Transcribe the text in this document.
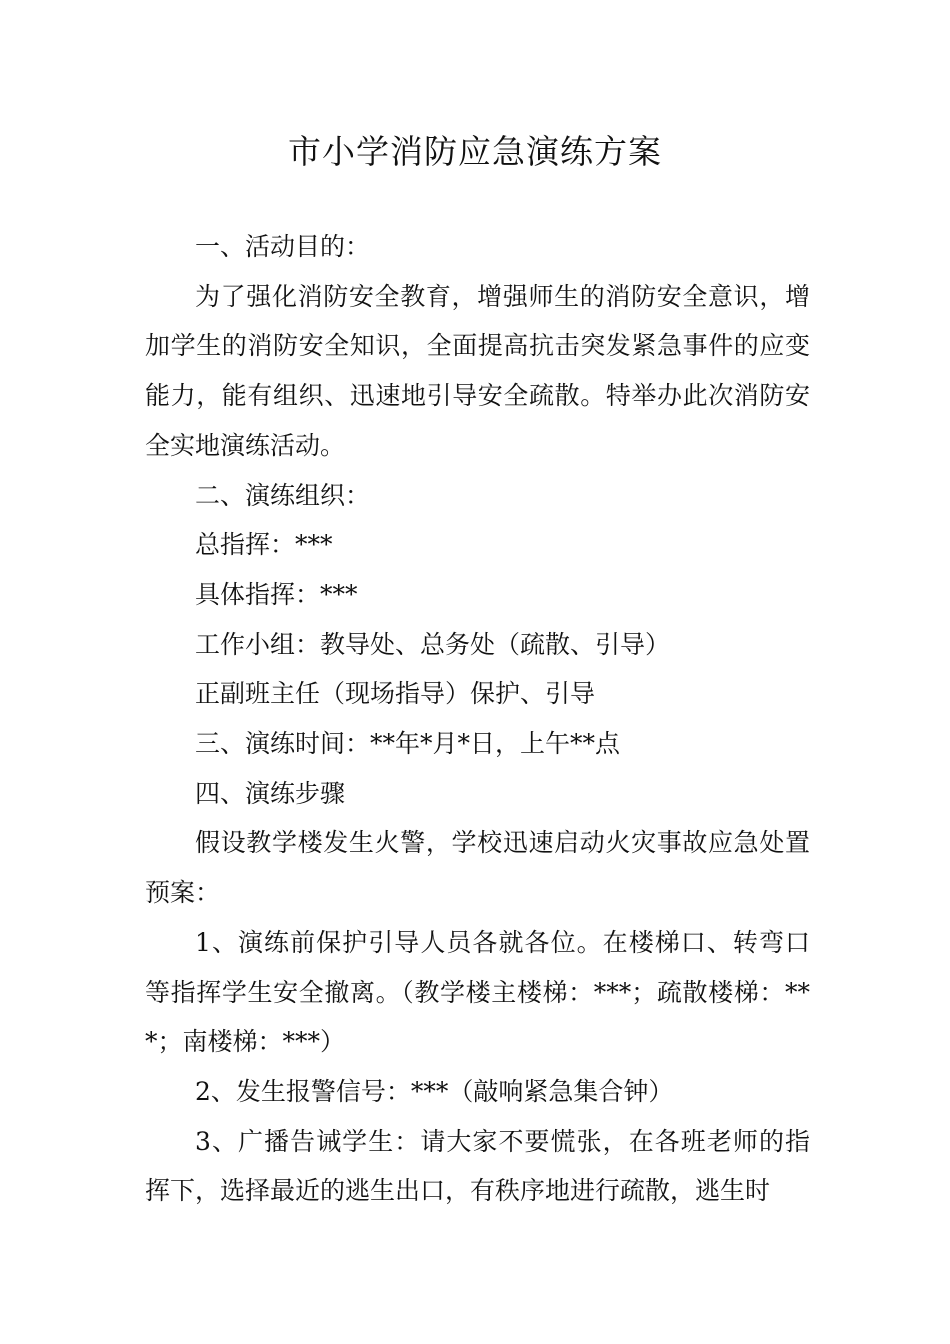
市小学消防应急演练方案

一、活动目的：

为了强化消防安全教育，增强师生的消防安全意识，增加学生的消防安全知识，全面提高抗击突发紧急事件的应变能力，能有组织、迅速地引导安全疏散。特举办此次消防安全实地演练活动。

二、演练组织：

总指挥：***

具体指挥：***

工作小组：教导处、总务处（疏散、引导）

正副班主任（现场指导）保护、引导

三、演练时间：**年*月*日，上午**点

四、演练步骤

假设教学楼发生火警，学校迅速启动火灾事故应急处置预案：

1、演练前保护引导人员各就各位。在楼梯口、转弯口等指挥学生安全撤离。（教学楼主楼梯：***；疏散楼梯：***；南楼梯：***）

2、发生报警信号：***（敲响紧急集合钟）

3、广播告诫学生：请大家不要慌张，在各班老师的指挥下，选择最近的逃生出口，有秩序地进行疏散，逃生时
